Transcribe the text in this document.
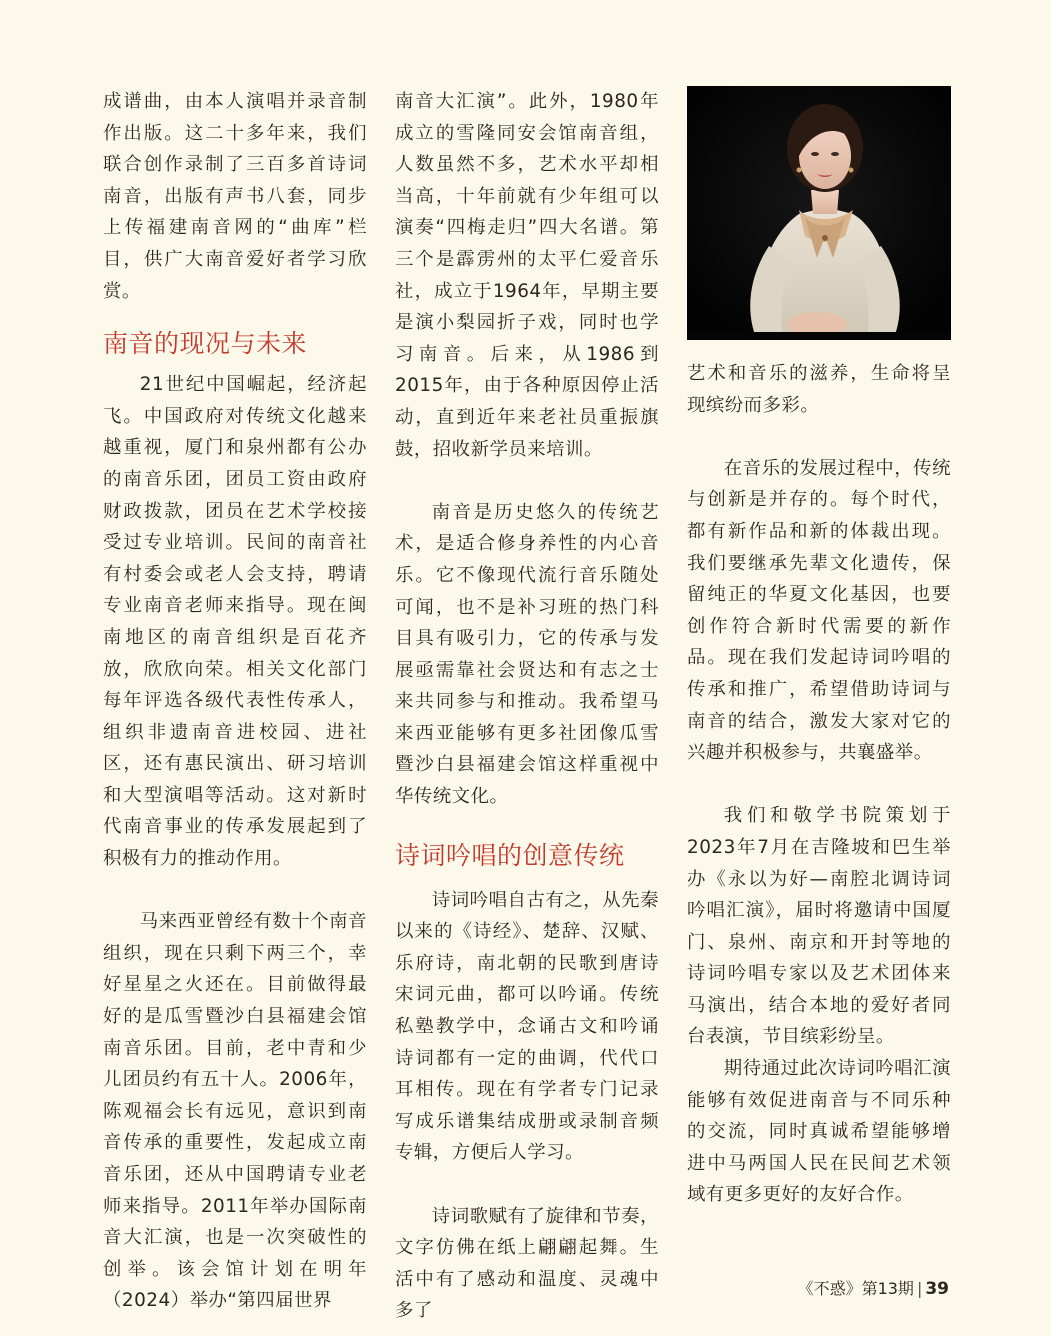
成谱曲，由本人演唱并录音制作出版。这二十多年来，我们联合创作录制了三百多首诗词南音，出版有声书八套，同步上传福建南音网的“曲库”栏目，供广大南音爱好者学习欣赏。

南音的现况与未来

21世纪中国崛起，经济起飞。中国政府对传统文化越来越重视，厦门和泉州都有公办的南音乐团，团员工资由政府财政拨款，团员在艺术学校接受过专业培训。民间的南音社有村委会或老人会支持，聘请专业南音老师来指导。现在闽南地区的南音组织是百花齐放，欣欣向荣。相关文化部门每年评选各级代表性传承人，组织非遗南音进校园、进社区，还有惠民演出、研习培训和大型演唱等活动。这对新时代南音事业的传承发展起到了积极有力的推动作用。

马来西亚曾经有数十个南音组织，现在只剩下两三个，幸好星星之火还在。目前做得最好的是瓜雪暨沙白县福建会馆南音乐团。目前，老中青和少儿团员约有五十人。2006年，陈观福会长有远见，意识到南音传承的重要性，发起成立南音乐团，还从中国聘请专业老师来指导。2011年举办国际南音大汇演，也是一次突破性的创举。该会馆计划在明年（2024）举办“第四届世界

南音大汇演”。此外，1980年成立的雪隆同安会馆南音组，人数虽然不多，艺术水平却相当高，十年前就有少年组可以演奏“四梅走归”四大名谱。第三个是霹雳州的太平仁爱音乐社，成立于1964年，早期主要是演小梨园折子戏，同时也学习南音。后来，从1986到2015年，由于各种原因停止活动，直到近年来老社员重振旗鼓，招收新学员来培训。

南音是历史悠久的传统艺术，是适合修身养性的内心音乐。它不像现代流行音乐随处可闻，也不是补习班的热门科目具有吸引力，它的传承与发展亟需靠社会贤达和有志之士来共同参与和推动。我希望马来西亚能够有更多社团像瓜雪暨沙白县福建会馆这样重视中华传统文化。

诗词吟唱的创意传统

诗词吟唱自古有之，从先秦以来的《诗经》、楚辞、汉赋、乐府诗，南北朝的民歌到唐诗宋词元曲，都可以吟诵。传统私塾教学中，念诵古文和吟诵诗词都有一定的曲调，代代口耳相传。现在有学者专门记录写成乐谱集结成册或录制音频专辑，方便后人学习。

诗词歌赋有了旋律和节奏，文字仿佛在纸上翩翩起舞。生活中有了感动和温度、灵魂中多了

艺术和音乐的滋养，生命将呈现缤纷而多彩。

在音乐的发展过程中，传统与创新是并存的。每个时代，都有新作品和新的体裁出现。我们要继承先辈文化遗传，保留纯正的华夏文化基因，也要创作符合新时代需要的新作品。现在我们发起诗词吟唱的传承和推广，希望借助诗词与南音的结合，激发大家对它的兴趣并积极参与，共襄盛举。

我们和敬学书院策划于2023年7月在吉隆坡和巴生举办《永以为好—南腔北调诗词吟唱汇演》，届时将邀请中国厦门、泉州、南京和开封等地的诗词吟唱专家以及艺术团体来马演出，结合本地的爱好者同台表演，节目缤彩纷呈。

期待通过此次诗词吟唱汇演能够有效促进南音与不同乐种的交流，同时真诚希望能够增进中马两国人民在民间艺术领域有更多更好的友好合作。

《不惑》第13期 | 39
